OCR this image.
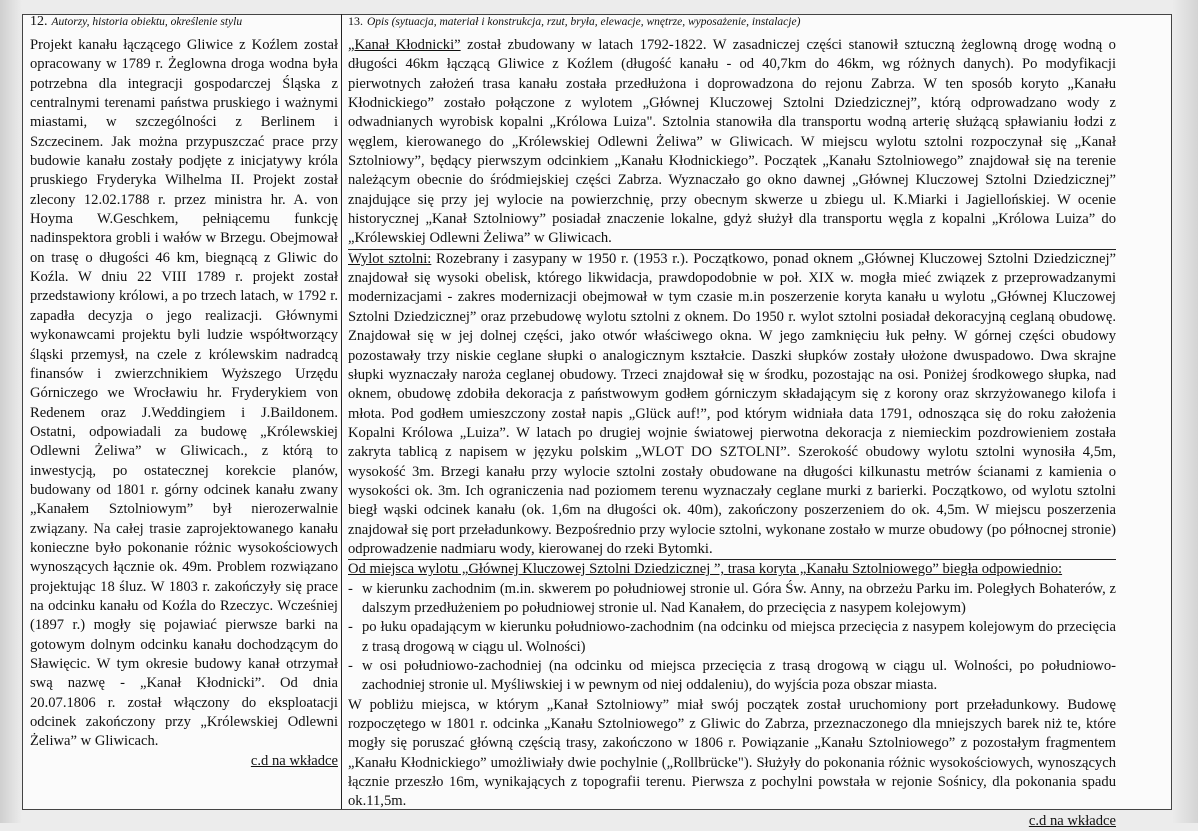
12. Autorzy, historia obiektu, określenie stylu

Projekt kanału łączącego Gliwice z Koźlem został opracowany w 1789 r. Żeglowna droga wodna była potrzebna dla integracji gospodarczej Śląska z centralnymi terenami państwa pruskiego i ważnymi miastami, w szczególności z Berlinem i Szczecinem. Jak można przypuszczać prace przy budowie kanału zostały podjęte z inicjatywy króla pruskiego Fryderyka Wilhelma II. Projekt został zlecony 12.02.1788 r. przez ministra hr. A. von Hoyma W.Geschkem, pełniącemu funkcję nadinspektora grobli i wałów w Brzegu. Obejmował on trasę o długości 46 km, biegnącą z Gliwic do Koźla. W dniu 22 VIII 1789 r. projekt został przedstawiony królowi, a po trzech latach, w 1792 r. zapadła decyzja o jego realizacji. Głównymi wykonawcami projektu byli ludzie współtworzący śląski przemysł, na czele z królewskim nadradcą finansów i zwierzchnikiem Wyższego Urzędu Górniczego we Wrocławiu hr. Fryderykiem von Redenem oraz J.Weddingiem i J.Baildonem. Ostatni, odpowiadali za budowę „Królewskiej Odlewni Żeliwa” w Gliwicach., z którą to inwestycją, po ostatecznej korekcie planów, budowany od 1801 r. górny odcinek kanału zwany „Kanałem Sztolniowym” był nierozerwalnie związany. Na całej trasie zaprojektowanego kanału konieczne było pokonanie różnic wysokościowych wynoszących łącznie ok. 49m. Problem rozwiązano projektując 18 śluz. W 1803 r. zakończyły się prace na odcinku kanału od Koźla do Rzeczyc. Wcześniej (1897 r.) mogły się pojawiać pierwsze barki na gotowym dolnym odcinku kanału dochodzącym do Sławięcic. W tym okresie budowy kanał otrzymał swą nazwę - „Kanał Kłodnicki”. Od dnia 20.07.1806 r. został włączony do eksploatacji odcinek zakończony przy „Królewskiej Odlewni Żeliwa” w Gliwicach.

c.d na wkładce
13. Opis (sytuacja, materiał i konstrukcja, rzut, bryła, elewacje, wnętrze, wyposażenie, instalacje)

„Kanał Kłodnicki” został zbudowany w latach 1792-1822. W zasadniczej części stanowił sztuczną żeglowną drogę wodną o długości 46km łączącą Gliwice z Koźlem (długość kanału - od 40,7km do 46km, wg różnych danych). Po modyfikacji pierwotnych założeń trasa kanału została przedłużona i doprowadzona do rejonu Zabrza. W ten sposób koryto „Kanału Kłodnickiego” zostało połączone z wylotem „Głównej Kluczowej Sztolni Dziedzicznej”, którą odprowadzano wody z odwadnianych wyrobisk kopalni „Królowa Luiza". Sztolnia stanowiła dla transportu wodną arterię służącą spławianiu łodzi z węglem, kierowanego do „Królewskiej Odlewni Żeliwa” w Gliwicach. W miejscu wylotu sztolni rozpoczynał się „Kanał Sztolniowy”, będący pierwszym odcinkiem „Kanału Kłodnickiego”. Początek „Kanału Sztolniowego” znajdował się na terenie należącym obecnie do śródmiejskiej części Zabrza. Wyznaczało go okno dawnej „Głównej Kluczowej Sztolni Dziedzicznej” znajdujące się przy jej wylocie na powierzchnię, przy obecnym skwerze u zbiegu ul. K.Miarki i Jagiellońskiej. W ocenie historycznej „Kanał Sztolniowy” posiadał znaczenie lokalne, gdyż służył dla transportu węgla z kopalni „Królowa Luiza” do „Królewskiej Odlewni Żeliwa” w Gliwicach.

Wylot sztolni: Rozebrany i zasypany w 1950 r. (1953 r.). Początkowo, ponad oknem „Głównej Kluczowej Sztolni Dziedzicznej” znajdował się wysoki obelisk, którego likwidacja, prawdopodobnie w poł. XIX w. mogła mieć związek z przeprowadzanymi modernizacjami - zakres modernizacji obejmował w tym czasie m.in poszerzenie koryta kanału u wylotu „Głównej Kluczowej Sztolni Dziedzicznej” oraz przebudowę wylotu sztolni z oknem. Do 1950 r. wylot sztolni posiadał dekoracyjną ceglaną obudowę. Znajdował się w jej dolnej części, jako otwór właściwego okna. W jego zamknięciu łuk pełny. W górnej części obudowy pozostawały trzy niskie ceglane słupki o analogicznym kształcie. Daszki słupków zostały ułożone dwuspadowo. Dwa skrajne słupki wyznaczały naroża ceglanej obudowy. Trzeci znajdował się w środku, pozostając na osi. Poniżej środkowego słupka, nad oknem, obudowę zdobiła dekoracja z państwowym godłem górniczym składającym się z korony oraz skrzyżowanego kilofa i młota. Pod godłem umieszczony został napis „Glück auf!”, pod którym widniała data 1791, odnosząca się do roku założenia Kopalni Królowa „Luiza”. W latach po drugiej wojnie światowej pierwotna dekoracja z niemieckim pozdrowieniem została zakryta tablicą z napisem w języku polskim „WLOT DO SZTOLNI”. Szerokość obudowy wylotu sztolni wynosiła 4,5m, wysokość 3m. Brzegi kanału przy wylocie sztolni zostały obudowane na długości kilkunastu metrów ścianami z kamienia o wysokości ok. 3m. Ich ograniczenia nad poziomem terenu wyznaczały ceglane murki z barierki. Początkowo, od wylotu sztolni biegł wąski odcinek kanału (ok. 1,6m na długości ok. 40m), zakończony poszerzeniem do ok. 4,5m. W miejscu poszerzenia znajdował się port przeładunkowy. Bezpośrednio przy wylocie sztolni, wykonane zostało w murze obudowy (po północnej stronie) odprowadzenie nadmiaru wody, kierowanej do rzeki Bytomki.

Od miejsca wylotu „Głównej Kluczowej Sztolni Dziedzicznej ”, trasa koryta „Kanału Sztolniowego” biegła odpowiednio:

- w kierunku zachodnim (m.in. skwerem po południowej stronie ul. Góra Św. Anny, na obrzeżu Parku im. Poległych Bohaterów, z dalszym przedłużeniem po południowej stronie ul. Nad Kanałem, do przecięcia z nasypem kolejowym)
- po łuku opadającym w kierunku południowo-zachodnim (na odcinku od miejsca przecięcia z nasypem kolejowym do przecięcia z trasą drogową w ciągu ul. Wolności)
- w osi południowo-zachodniej (na odcinku od miejsca przecięcia z trasą drogową w ciągu ul. Wolności, po południowo-zachodniej stronie ul. Myśliwskiej i w pewnym od niej oddaleniu), do wyjścia poza obszar miasta.

W pobliżu miejsca, w którym „Kanał Sztolniowy” miał swój początek został uruchomiony port przeładunkowy. Budowę rozpoczętego w 1801 r. odcinka „Kanału Sztolniowego” z Gliwic do Zabrza, przeznaczonego dla mniejszych barek niż te, które mogły się poruszać główną częścią trasy, zakończono w 1806 r. Powiązanie „Kanału Sztolniowego” z pozostałym fragmentem „Kanału Kłodnickiego” umożliwiały dwie pochylnie („Rollbrücke"). Służyły do pokonania różnic wysokościowych, wynoszących łącznie przeszło 16m, wynikających z topografii terenu. Pierwsza z pochylni powstała w rejonie Sośnicy, dla pokonania spadu ok.11,5m.

c.d na wkładce
